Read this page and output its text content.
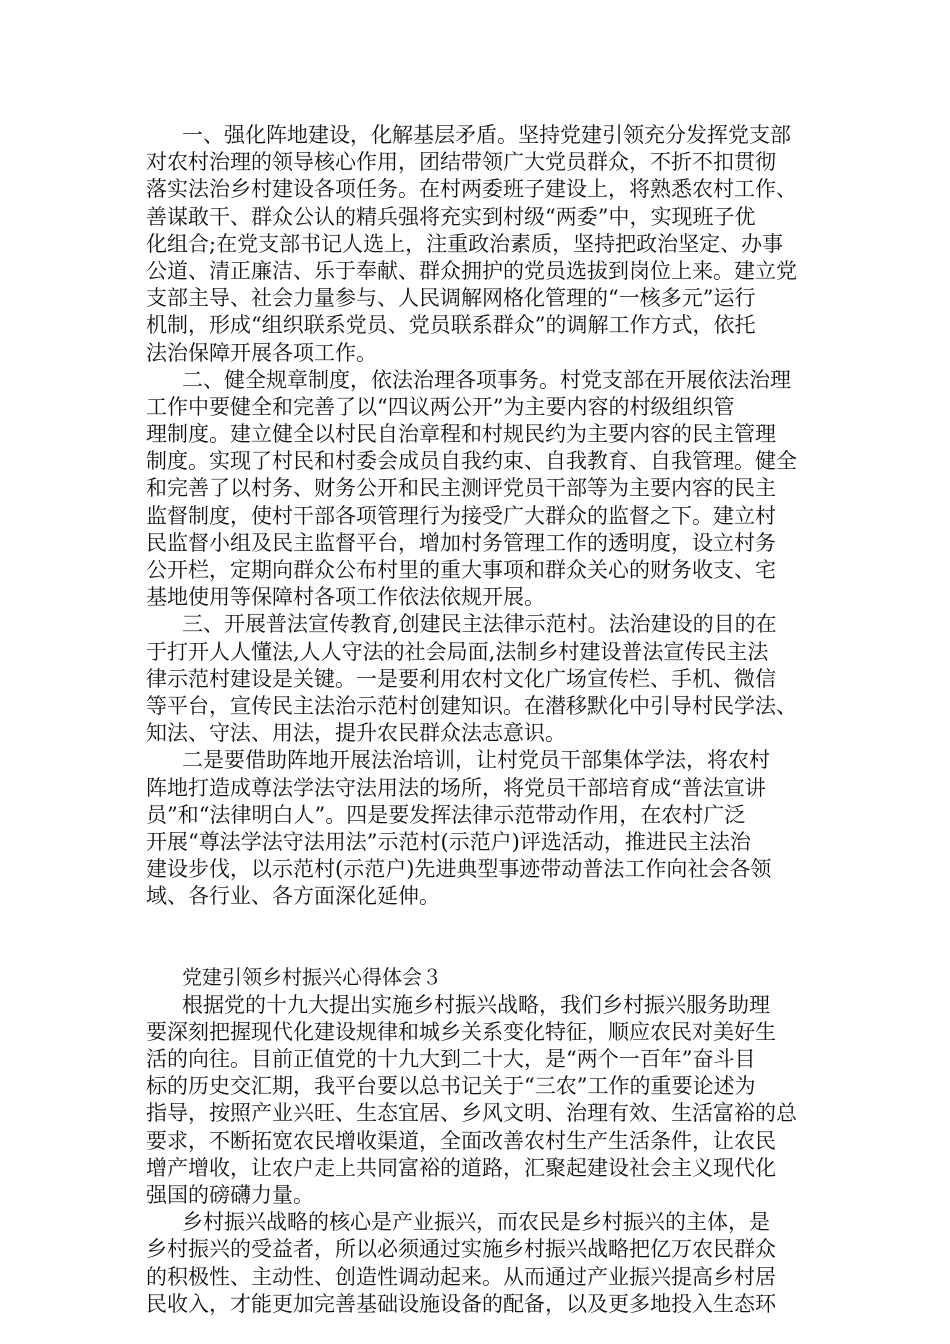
一、强化阵地建设，化解基层矛盾。坚持党建引领充分发挥党支部
对农村治理的领导核心作用，团结带领广大党员群众，不折不扣贯彻
落实法治乡村建设各项任务。在村两委班子建设上，将熟悉农村工作、
善谋敢干、群众公认的精兵强将充实到村级“两委”中，实现班子优
化组合;在党支部书记人选上，注重政治素质，坚持把政治坚定、办事
公道、清正廉洁、乐于奉献、群众拥护的党员选拔到岗位上来。建立党
支部主导、社会力量参与、人民调解网格化管理的“一核多元”运行
机制，形成“组织联系党员、党员联系群众”的调解工作方式，依托
法治保障开展各项工作。
二、健全规章制度，依法治理各项事务。村党支部在开展依法治理
工作中要健全和完善了以“四议两公开”为主要内容的村级组织管
理制度。建立健全以村民自治章程和村规民约为主要内容的民主管理
制度。实现了村民和村委会成员自我约束、自我教育、自我管理。健全
和完善了以村务、财务公开和民主测评党员干部等为主要内容的民主
监督制度，使村干部各项管理行为接受广大群众的监督之下。建立村
民监督小组及民主监督平台，增加村务管理工作的透明度，设立村务
公开栏，定期向群众公布村里的重大事项和群众关心的财务收支、宅
基地使用等保障村各项工作依法依规开展。
三、开展普法宣传教育,创建民主法律示范村。法治建设的目的在
于打开人人懂法,人人守法的社会局面,法制乡村建设普法宣传民主法
律示范村建设是关键。一是要利用农村文化广场宣传栏、手机、微信
等平台，宣传民主法治示范村创建知识。在潜移默化中引导村民学法、
知法、守法、用法，提升农民群众法志意识。
二是要借助阵地开展法治培训，让村党员干部集体学法，将农村
阵地打造成尊法学法守法用法的场所，将党员干部培育成“普法宣讲
员”和“法律明白人”。四是要发挥法律示范带动作用，在农村广泛
开展“尊法学法守法用法”示范村(示范户)评选活动，推进民主法治
建设步伐，以示范村(示范户)先进典型事迹带动普法工作向社会各领
域、各行业、各方面深化延伸。
党建引领乡村振兴心得体会３
根据党的十九大提出实施乡村振兴战略，我们乡村振兴服务助理
要深刻把握现代化建设规律和城乡关系变化特征，顺应农民对美好生
活的向往。目前正值党的十九大到二十大，是“两个一百年”奋斗目
标的历史交汇期，我平台要以总书记关于“三农”工作的重要论述为
指导，按照产业兴旺、生态宜居、乡风文明、治理有效、生活富裕的总
要求，不断拓宽农民增收渠道，全面改善农村生产生活条件，让农民
增产增收，让农户走上共同富裕的道路，汇聚起建设社会主义现代化
强国的磅礴力量。
乡村振兴战略的核心是产业振兴，而农民是乡村振兴的主体，是
乡村振兴的受益者，所以必须通过实施乡村振兴战略把亿万农民群众
的积极性、主动性、创造性调动起来。从而通过产业振兴提高乡村居
民收入，才能更加完善基础设施设备的配备，以及更多地投入生态环
